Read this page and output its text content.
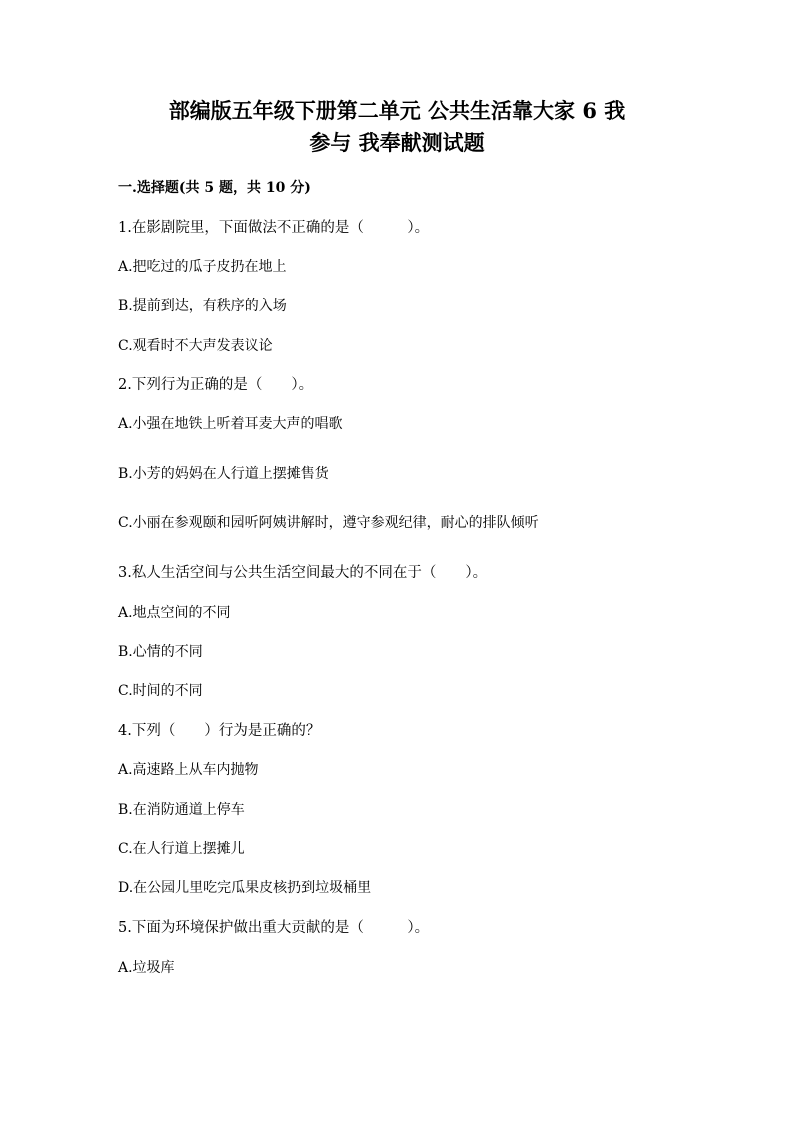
部编版五年级下册第二单元 公共生活靠大家 6 我
参与 我奉献测试题
一.选择题(共 5 题，共 10 分)
1.在影剧院里，下面做法不正确的是（　　　）。
A.把吃过的瓜子皮扔在地上
B.提前到达，有秩序的入场
C.观看时不大声发表议论
2.下列行为正确的是（　　）。
A.小强在地铁上听着耳麦大声的唱歌
B.小芳的妈妈在人行道上摆摊售货
C.小丽在参观颐和园听阿姨讲解时，遵守参观纪律，耐心的排队倾听
3.私人生活空间与公共生活空间最大的不同在于（　　）。
A.地点空间的不同
B.心情的不同
C.时间的不同
4.下列（　　）行为是正确的？
A.高速路上从车内抛物
B.在消防通道上停车
C.在人行道上摆摊儿
D.在公园儿里吃完瓜果皮核扔到垃圾桶里
5.下面为环境保护做出重大贡献的是（　　　）。
A.垃圾库
